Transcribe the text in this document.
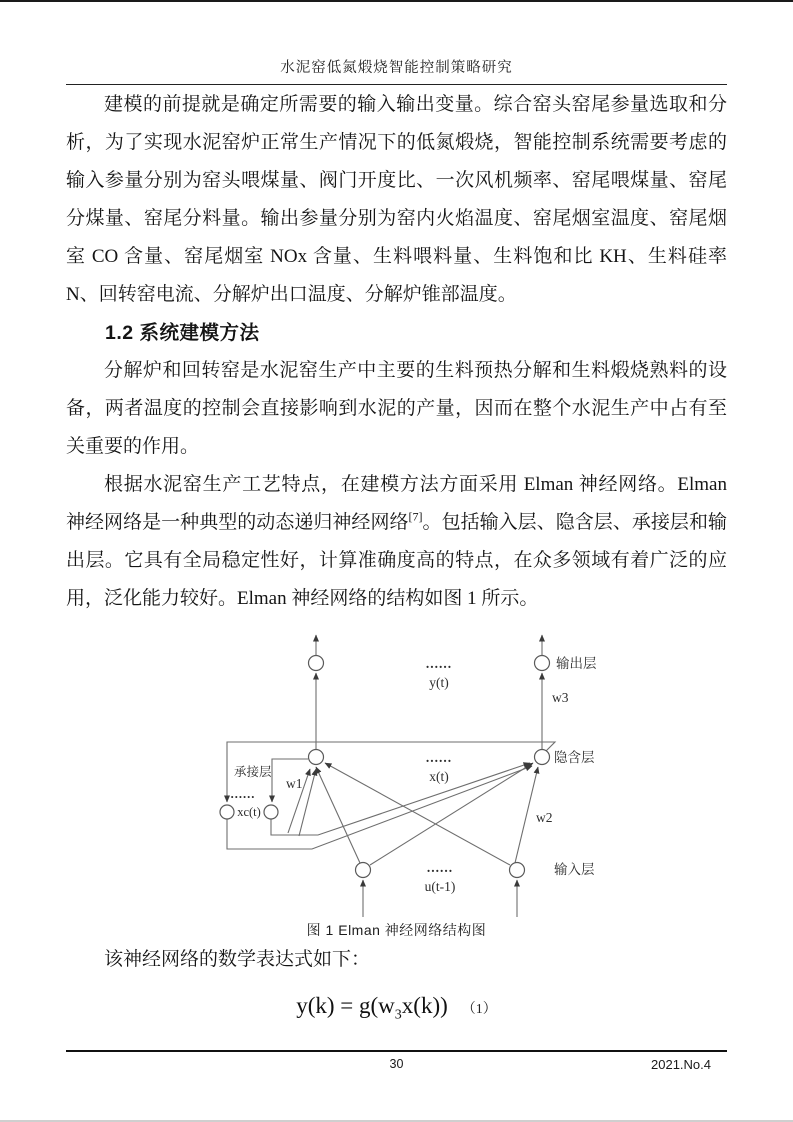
水泥窑低氮煅烧智能控制策略研究

建模的前提就是确定所需要的输入输出变量。综合窑头窑尾参量选取和分析，为了实现水泥窑炉正常生产情况下的低氮煅烧，智能控制系统需要考虑的输入参量分别为窑头喂煤量、阀门开度比、一次风机频率、窑尾喂煤量、窑尾分煤量、窑尾分料量。输出参量分别为窑内火焰温度、窑尾烟室温度、窑尾烟室 CO 含量、窑尾烟室 NOx 含量、生料喂料量、生料饱和比 KH、生料硅率 N、回转窑电流、分解炉出口温度、分解炉锥部温度。

1.2 系统建模方法

分解炉和回转窑是水泥窑生产中主要的生料预热分解和生料煅烧熟料的设备，两者温度的控制会直接影响到水泥的产量，因而在整个水泥生产中占有至关重要的作用。

根据水泥窑生产工艺特点，在建模方法方面采用 Elman 神经网络。Elman 神经网络是一种典型的动态递归神经网络[7]。包括输入层、隐含层、承接层和输出层。它具有全局稳定性好，计算准确度高的特点，在众多领域有着广泛的应用，泛化能力较好。Elman 神经网络的结构如图 1 所示。

......
y(t)
输出层
w3
......
x(t)
隐含层
承接层
w1
......
xc(t)	w2
......
u(t-1)
输入层
图 1 Elman 神经网络结构图

该神经网络的数学表达式如下：

$y(k) = g(w_3x(k))$ （1）
30	2021.No.4
